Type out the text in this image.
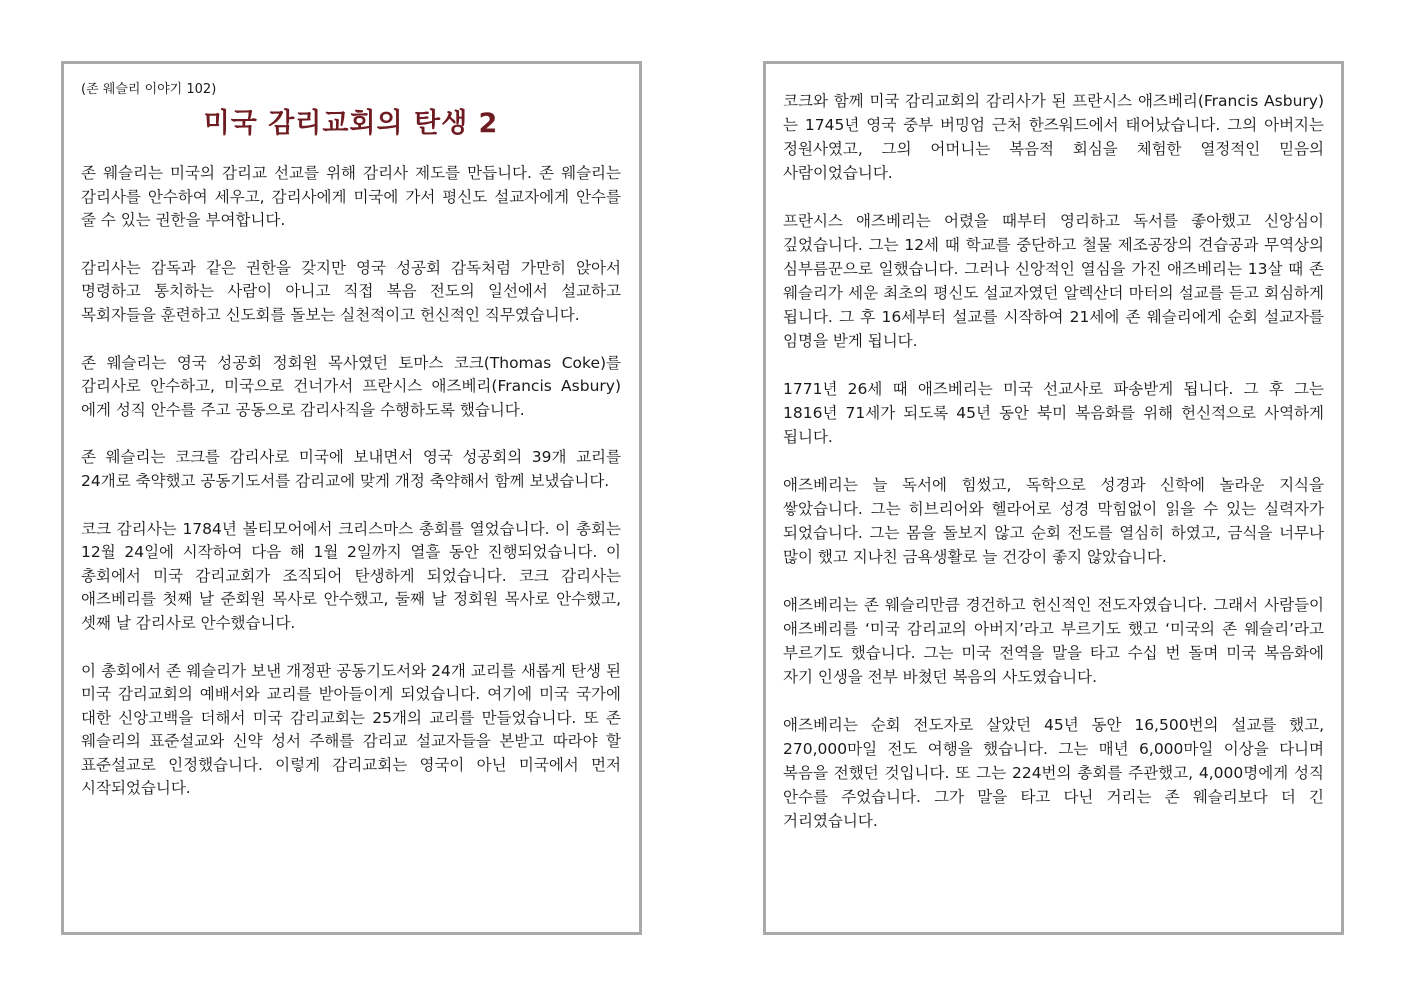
(존 웨슬리 이야기 102)
미국 감리교회의 탄생 2

존 웨슬리는 미국의 감리교 선교를 위해 감리사 제도를 만듭니다. 존 웨슬리는 감리사를 안수하여 세우고, 감리사에게 미국에 가서 평신도 설교자에게 안수를 줄 수 있는 권한을 부여합니다.

감리사는 감독과 같은 권한을 갖지만 영국 성공회 감독처럼 가만히 앉아서 명령하고 통치하는 사람이 아니고 직접 복음 전도의 일선에서 설교하고 목회자들을 훈련하고 신도회를 돌보는 실천적이고 헌신적인 직무였습니다.

존 웨슬리는 영국 성공회 정회원 목사였던 토마스 코크(Thomas Coke)를 감리사로 안수하고, 미국으로 건너가서 프란시스 애즈베리(Francis Asbury)에게 성직 안수를 주고 공동으로 감리사직을 수행하도록 했습니다.

존 웨슬리는 코크를 감리사로 미국에 보내면서 영국 성공회의 39개 교리를 24개로 축약했고 공동기도서를 감리교에 맞게 개정 축약해서 함께 보냈습니다.

코크 감리사는 1784년 볼티모어에서 크리스마스 총회를 열었습니다. 이 총회는 12월 24일에 시작하여 다음 해 1월 2일까지 열흘 동안 진행되었습니다. 이 총회에서 미국 감리교회가 조직되어 탄생하게 되었습니다. 코크 감리사는 애즈베리를 첫째 날 준회원 목사로 안수했고, 둘째 날 정회원 목사로 안수했고, 셋째 날 감리사로 안수했습니다.

이 총회에서 존 웨슬리가 보낸 개정판 공동기도서와 24개 교리를 새롭게 탄생 된 미국 감리교회의 예배서와 교리를 받아들이게 되었습니다. 여기에 미국 국가에 대한 신앙고백을 더해서 미국 감리교회는 25개의 교리를 만들었습니다. 또 존 웨슬리의 표준설교와 신약 성서 주해를 감리교 설교자들을 본받고 따라야 할 표준설교로 인정했습니다. 이렇게 감리교회는 영국이 아닌 미국에서 먼저 시작되었습니다.

코크와 함께 미국 감리교회의 감리사가 된 프란시스 애즈베리(Francis Asbury)는 1745년 영국 중부 버밍엄 근처 한즈워드에서 태어났습니다. 그의 아버지는 정원사였고, 그의 어머니는 복음적 회심을 체험한 열정적인 믿음의 사람이었습니다.

프란시스 애즈베리는 어렸을 때부터 영리하고 독서를 좋아했고 신앙심이 깊었습니다. 그는 12세 때 학교를 중단하고 철물 제조공장의 견습공과 무역상의 심부름꾼으로 일했습니다. 그러나 신앙적인 열심을 가진 애즈베리는 13살 때 존 웨슬리가 세운 최초의 평신도 설교자였던 알렉산더 마터의 설교를 듣고 회심하게 됩니다. 그 후 16세부터 설교를 시작하여 21세에 존 웨슬리에게 순회 설교자를 임명을 받게 됩니다.

1771년 26세 때 애즈베리는 미국 선교사로 파송받게 됩니다. 그 후 그는 1816년 71세가 되도록 45년 동안 북미 복음화를 위해 헌신적으로 사역하게 됩니다.

애즈베리는 늘 독서에 힘썼고, 독학으로 성경과 신학에 놀라운 지식을 쌓았습니다. 그는 히브리어와 헬라어로 성경 막힘없이 읽을 수 있는 실력자가 되었습니다. 그는 몸을 돌보지 않고 순회 전도를 열심히 하였고, 금식을 너무나 많이 했고 지나친 금욕생활로 늘 건강이 좋지 않았습니다.

애즈베리는 존 웨슬리만큼 경건하고 헌신적인 전도자였습니다. 그래서 사람들이 애즈베리를 ‘미국 감리교의 아버지’라고 부르기도 했고 ‘미국의 존 웨슬리’라고 부르기도 했습니다. 그는 미국 전역을 말을 타고 수십 번 돌며 미국 복음화에 자기 인생을 전부 바쳤던 복음의 사도였습니다.

애즈베리는 순회 전도자로 살았던 45년 동안 16,500번의 설교를 했고, 270,000마일 전도 여행을 했습니다. 그는 매년 6,000마일 이상을 다니며 복음을 전했던 것입니다. 또 그는 224번의 총회를 주관했고, 4,000명에게 성직 안수를 주었습니다. 그가 말을 타고 다닌 거리는 존 웨슬리보다 더 긴 거리였습니다.
